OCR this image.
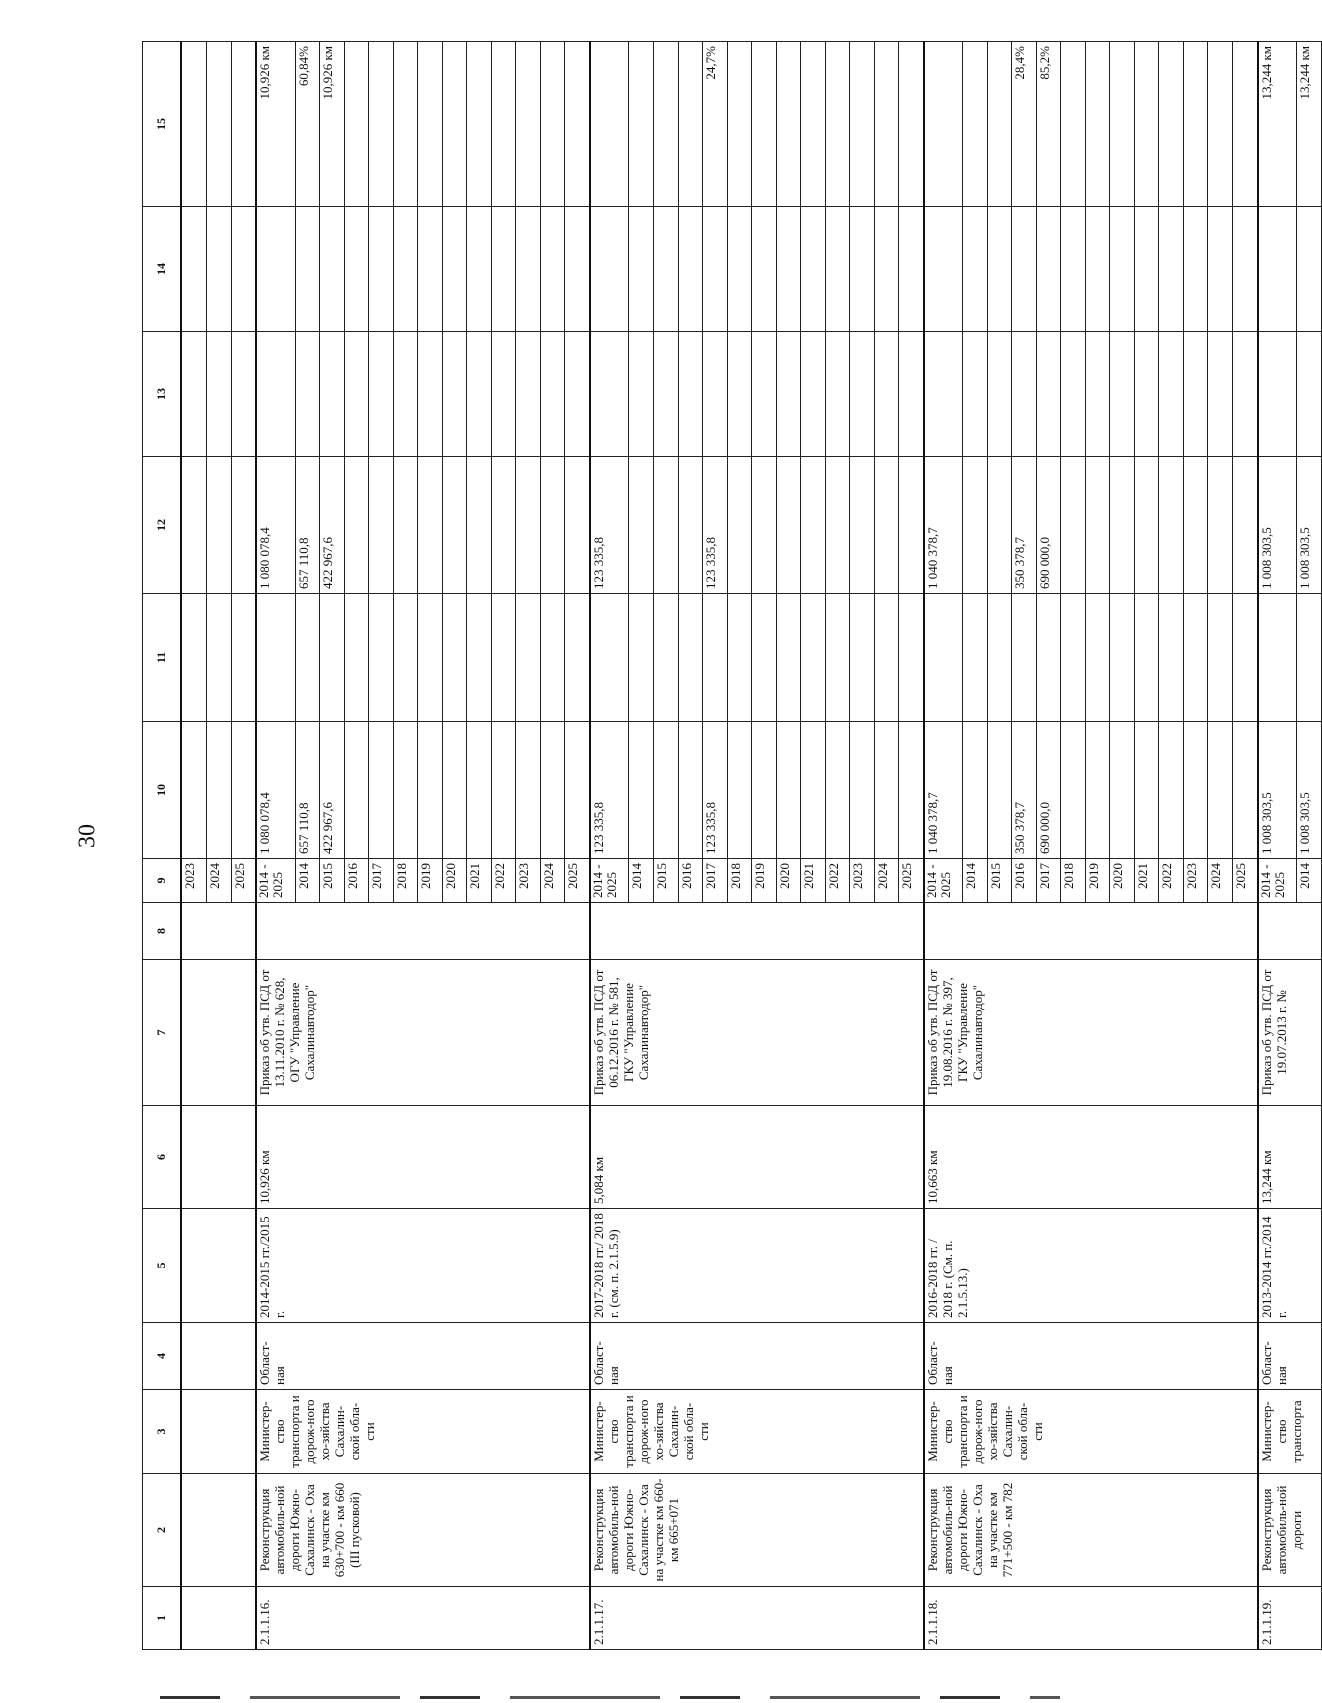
30
1	2	3	4	5	6	7	8	9	10	11	12	13	14	15
								2023						
								2024						
								2025						
2.1.1.16.	Реконструкция автомобиль-ной дороги Южно-Сахалинск - Оха на участке км 630+700 - км 660 (III пусковой)	Министер-ство транспорта и дорож-ного хо-зяйства Сахалин-ской обла-сти	Област-ная	2014-2015 гг./2015 г.	10,926 км	Приказ об утв. ПСД от 13.11.2010 г. № 628, ОГУ "Управление Сахалинавтодор"		2014 - 2025	1 080 078,4		1 080 078,4			10,926 км
								2014	657 110,8		657 110,8			60,84%
								2015	422 967,6		422 967,6			10,926 км
								2016						
								2017						
								2018						
								2019						
								2020						
								2021						
								2022						
								2023						
								2024						
								2025						
2.1.1.17.	Реконструкция автомобиль-ной дороги Южно-Сахалинск - Оха на участке км 660- км 665+071	Министер-ство транспорта и дорож-ного хо-зяйства Сахалин-ской обла-сти	Област-ная	2017-2018 гг./ 2018 г. (см. п. 2.1.5.9)	5,084 км	Приказ об утв. ПСД от 06.12.2016 г. № 581, ГКУ "Управление Сахалинавтодор"		2014 - 2025	123 335,8		123 335,8			
								2014						
								2015						
								2016						
								2017	123 335,8		123 335,8			24,7%
								2018						
								2019						
								2020						
								2021						
								2022						
								2023						
								2024						
								2025						
2.1.1.18.	Реконструкция автомобиль-ной дороги Южно-Сахалинск - Оха на участке км 771+500 - км 782	Министер-ство транспорта и дорож-ного хо-зяйства Сахалин-ской обла-сти	Област-ная	2016-2018 гг. / 2018 г. (См. п. 2.1.5.13.)	10,663 км	Приказ об утв. ПСД от 19.08.2016 г. № 397, ГКУ "Управление Сахалинавтодор"		2014 - 2025	1 040 378,7		1 040 378,7			
								2014						
								2015						
								2016	350 378,7		350 378,7			28,4%
								2017	690 000,0		690 000,0			85,2%
								2018						
								2019						
								2020						
								2021						
								2022						
								2023						
								2024						
								2025						
2.1.1.19.	Реконструкция автомобиль-ной дороги	Министер-ство транспорта	Област-ная	2013-2014 гг./2014 г.	13,244 км	Приказ об утв. ПСД от 19.07.2013 г. №		2014 - 2025	1 008 303,5		1 008 303,5			13,244 км
								2014	1 008 303,5		1 008 303,5			13,244 км
